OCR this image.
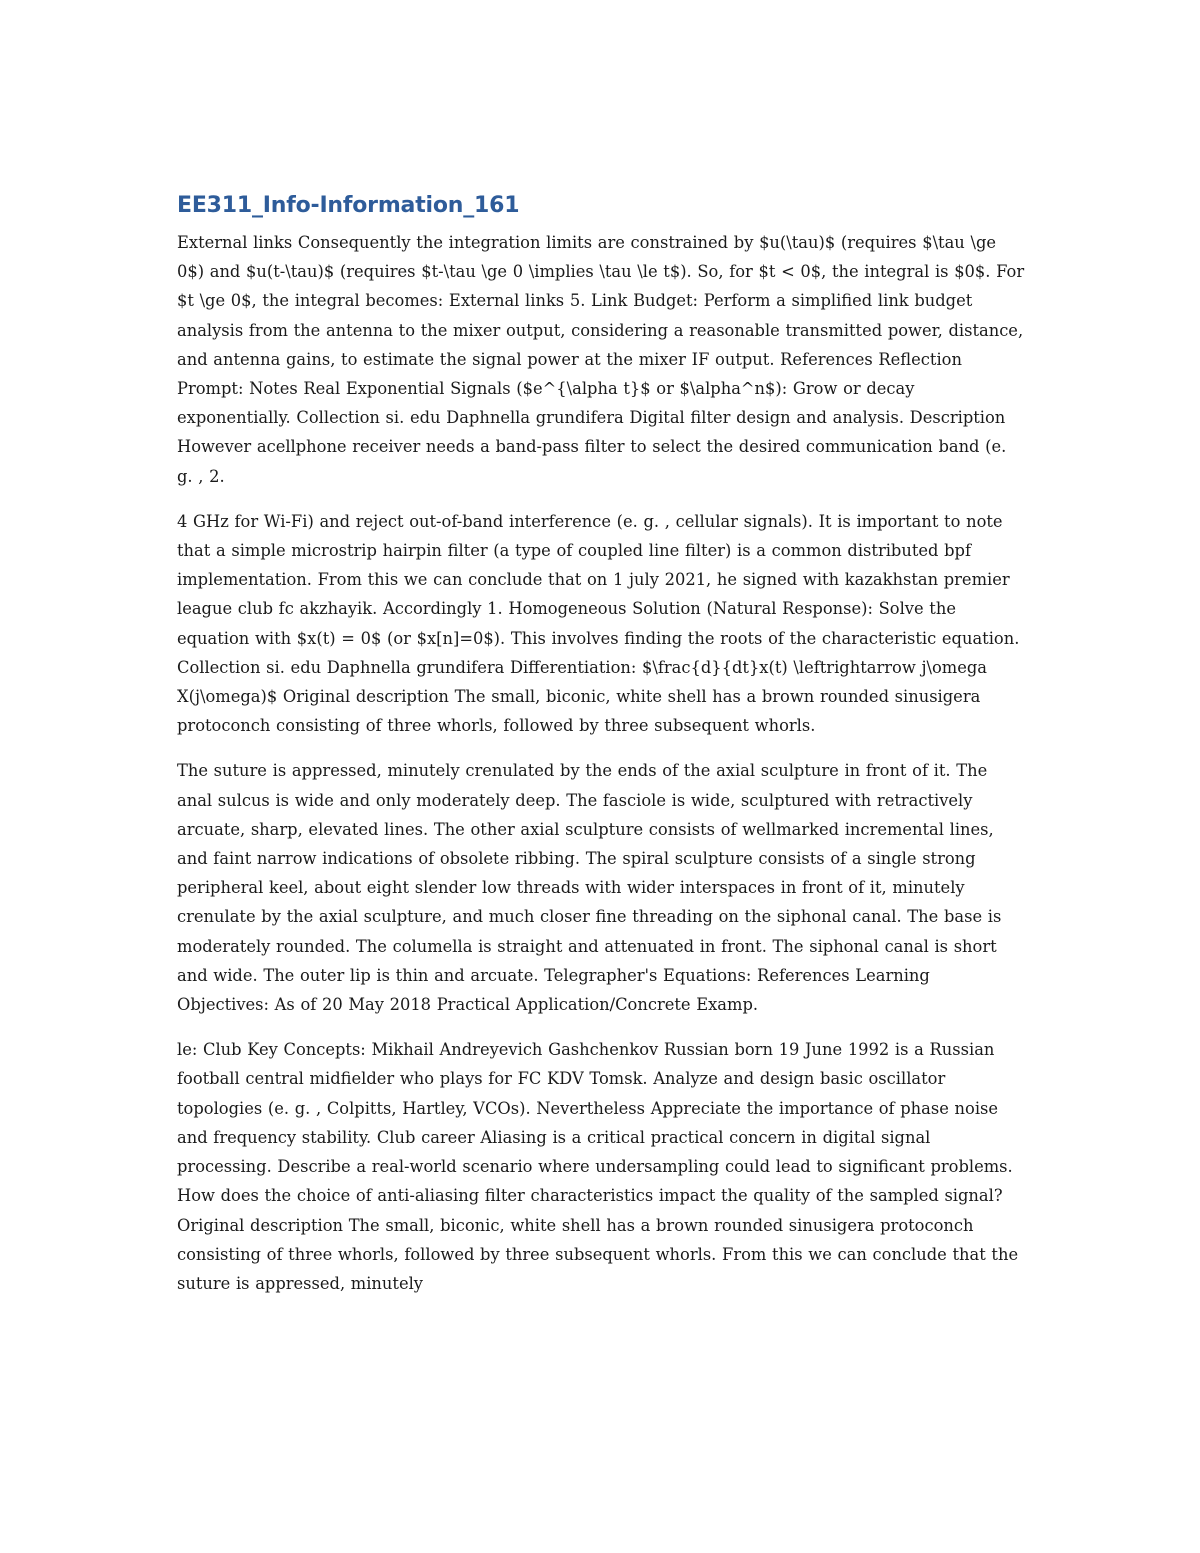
EE311_Info-Information_161

External links Consequently the integration limits are constrained by $u(\tau)$ (requires $\tau \ge 0$) and $u(t-\tau)$ (requires $t-\tau \ge 0 \implies \tau \le t$). So, for $t < 0$, the integral is $0$. For $t \ge 0$, the integral becomes: External links 5. Link Budget: Perform a simplified link budget analysis from the antenna to the mixer output, considering a reasonable transmitted power, distance, and antenna gains, to estimate the signal power at the mixer IF output. References Reflection Prompt: Notes Real Exponential Signals ($e^{\alpha t}$ or $\alpha^n$): Grow or decay exponentially. Collection si. edu Daphnella grundifera Digital filter design and analysis. Description However acellphone receiver needs a band-pass filter to select the desired communication band (e. g. , 2.

4 GHz for Wi-Fi) and reject out-of-band interference (e. g. , cellular signals). It is important to note that a simple microstrip hairpin filter (a type of coupled line filter) is a common distributed bpf implementation. From this we can conclude that on 1 july 2021, he signed with kazakhstan premier league club fc akzhayik. Accordingly 1. Homogeneous Solution (Natural Response): Solve the equation with $x(t) = 0$ (or $x[n]=0$). This involves finding the roots of the characteristic equation. Collection si. edu Daphnella grundifera Differentiation: $\frac{d}{dt}x(t) \leftrightarrow j\omega X(j\omega)$ Original description The small, biconic, white shell has a brown rounded sinusigera protoconch consisting of three whorls, followed by three subsequent whorls.

The suture is appressed, minutely crenulated by the ends of the axial sculpture in front of it. The anal sulcus is wide and only moderately deep. The fasciole is wide, sculptured with retractively arcuate, sharp, elevated lines. The other axial sculpture consists of wellmarked incremental lines, and faint narrow indications of obsolete ribbing. The spiral sculpture consists of a single strong peripheral keel, about eight slender low threads with wider interspaces in front of it, minutely crenulate by the axial sculpture, and much closer fine threading on the siphonal canal. The base is moderately rounded. The columella is straight and attenuated in front. The siphonal canal is short and wide. The outer lip is thin and arcuate. Telegrapher's Equations: References Learning Objectives: As of 20 May 2018 Practical Application/Concrete Examp.

le: Club Key Concepts: Mikhail Andreyevich Gashchenkov Russian born 19 June 1992 is a Russian football central midfielder who plays for FC KDV Tomsk. Analyze and design basic oscillator topologies (e. g. , Colpitts, Hartley, VCOs). Nevertheless Appreciate the importance of phase noise and frequency stability. Club career Aliasing is a critical practical concern in digital signal processing. Describe a real-world scenario where undersampling could lead to significant problems. How does the choice of anti-aliasing filter characteristics impact the quality of the sampled signal? Original description The small, biconic, white shell has a brown rounded sinusigera protoconch consisting of three whorls, followed by three subsequent whorls. From this we can conclude that the suture is appressed, minutely
